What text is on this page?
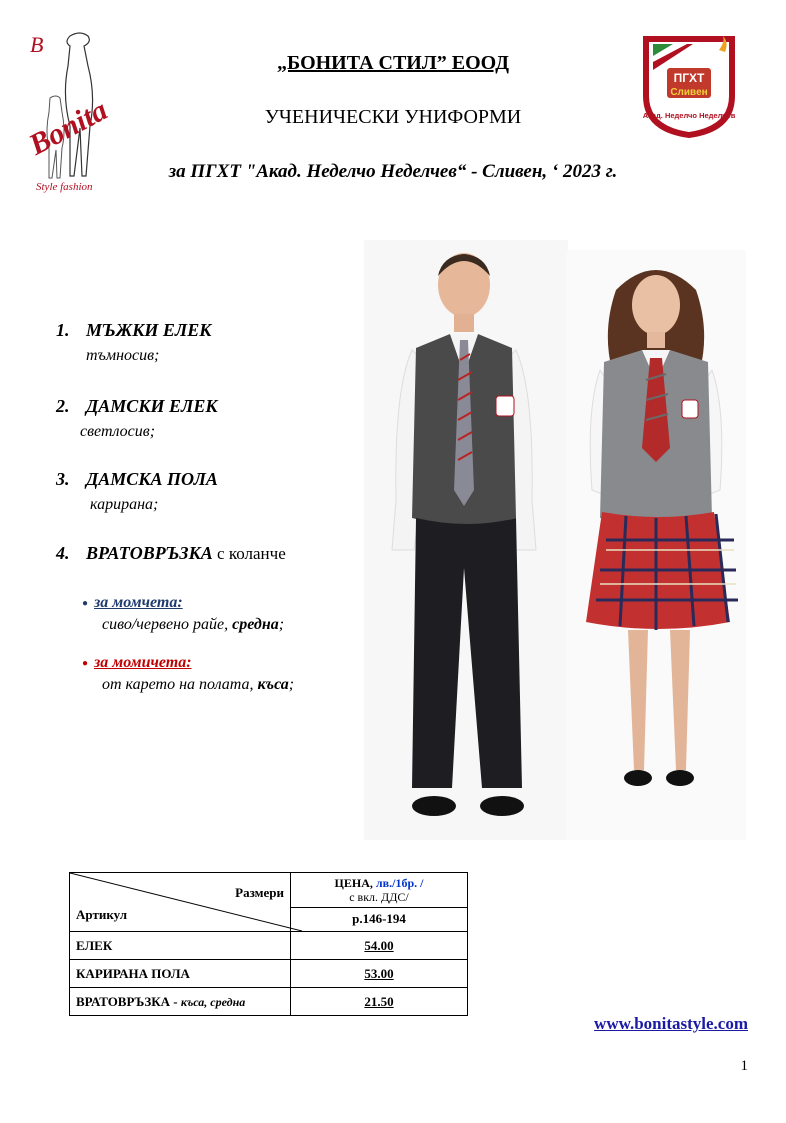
B
Bonita
Style fashion
ПГХТ
Сливен
Акад. Неделчо Неделчев
„БОНИТА СТИЛ” ЕООД
УЧЕНИЧЕСКИ УНИФОРМИ
за ПГХТ "Акад. Неделчо Неделчев“ - Сливен, ‘ 2023 г.
1. МЪЖКИ ЕЛЕК
тъмносив;
2. ДАМСКИ ЕЛЕК
светлосив;
3. ДАМСКА ПОЛА
карирана;
4. ВРАТОВРЪЗКА с коланче
● за момчета:
сиво/червено райе, средна;
● за момичета:
от карето на полата, къса;
Размери
Артикул	ЦЕНА, лв./1бр. /
с вкл. ДДС/
	р.146-194
ЕЛЕК	54.00
КАРИРАНА ПОЛА	53.00
ВРАТОВРЪЗКА - къса, средна	21.50
www.bonitastyle.com
1
